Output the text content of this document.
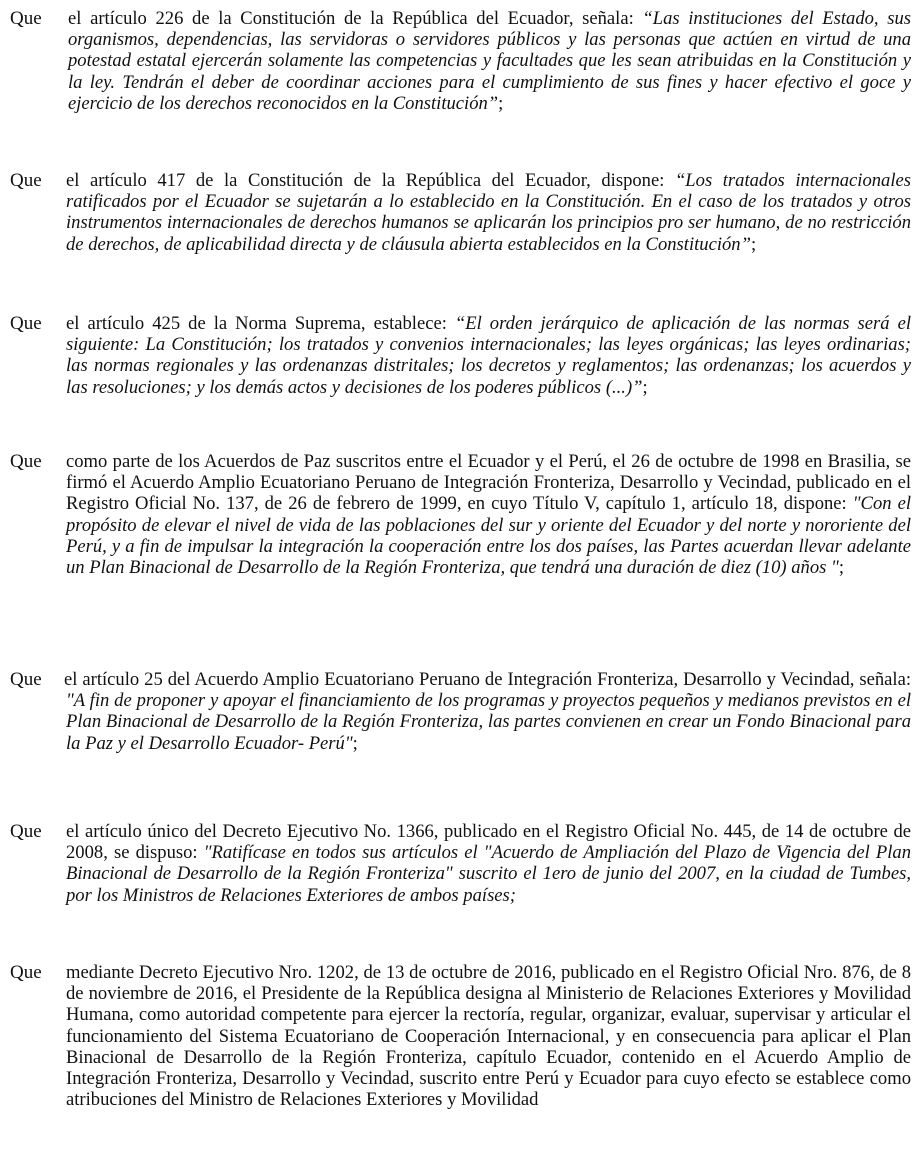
Que el artículo 226 de la Constitución de la República del Ecuador, señala: “Las instituciones del Estado, sus organismos, dependencias, las servidoras o servidores públicos y las personas que actúen en virtud de una potestad estatal ejercerán solamente las competencias y facultades que les sean atribuidas en la Constitución y la ley. Tendrán el deber de coordinar acciones para el cumplimiento de sus fines y hacer efectivo el goce y ejercicio de los derechos reconocidos en la Constitución”;
Que el artículo 417 de la Constitución de la República del Ecuador, dispone: “Los tratados internacionales ratificados por el Ecuador se sujetarán a lo establecido en la Constitución. En el caso de los tratados y otros instrumentos internacionales de derechos humanos se aplicarán los principios pro ser humano, de no restricción de derechos, de aplicabilidad directa y de cláusula abierta establecidos en la Constitución”;
Que el artículo 425 de la Norma Suprema, establece: “El orden jerárquico de aplicación de las normas será el siguiente: La Constitución; los tratados y convenios internacionales; las leyes orgánicas; las leyes ordinarias; las normas regionales y las ordenanzas distritales; los decretos y reglamentos; las ordenanzas; los acuerdos y las resoluciones; y los demás actos y decisiones de los poderes públicos (...)”;
Que como parte de los Acuerdos de Paz suscritos entre el Ecuador y el Perú, el 26 de octubre de 1998 en Brasilia, se firmó el Acuerdo Amplio Ecuatoriano Peruano de Integración Fronteriza, Desarrollo y Vecindad, publicado en el Registro Oficial No. 137, de 26 de febrero de 1999, en cuyo Título V, capítulo 1, artículo 18, dispone: "Con el propósito de elevar el nivel de vida de las poblaciones del sur y oriente del Ecuador y del norte y nororiente del Perú, y a fin de impulsar la integración la cooperación entre los dos países, las Partes acuerdan llevar adelante un Plan Binacional de Desarrollo de la Región Fronteriza, que tendrá una duración de diez (10) años ";
Que el artículo 25 del Acuerdo Amplio Ecuatoriano Peruano de Integración Fronteriza, Desarrollo y Vecindad, señala: "A fin de proponer y apoyar el financiamiento de los programas y proyectos pequeños y medianos previstos en el Plan Binacional de Desarrollo de la Región Fronteriza, las partes convienen en crear un Fondo Binacional para la Paz y el Desarrollo Ecuador- Perú";
Que el artículo único del Decreto Ejecutivo No. 1366, publicado en el Registro Oficial No. 445, de 14 de octubre de 2008, se dispuso: "Ratifícase en todos sus artículos el "Acuerdo de Ampliación del Plazo de Vigencia del Plan Binacional de Desarrollo de la Región Fronteriza" suscrito el 1ero de junio del 2007, en la ciudad de Tumbes, por los Ministros de Relaciones Exteriores de ambos países;
Que mediante Decreto Ejecutivo Nro. 1202, de 13 de octubre de 2016, publicado en el Registro Oficial Nro. 876, de 8 de noviembre de 2016, el Presidente de la República designa al Ministerio de Relaciones Exteriores y Movilidad Humana, como autoridad competente para ejercer la rectoría, regular, organizar, evaluar, supervisar y articular el funcionamiento del Sistema Ecuatoriano de Cooperación Internacional, y en consecuencia para aplicar el Plan Binacional de Desarrollo de la Región Fronteriza, capítulo Ecuador, contenido en el Acuerdo Amplio de Integración Fronteriza, Desarrollo y Vecindad, suscrito entre Perú y Ecuador para cuyo efecto se establece como atribuciones del Ministro de Relaciones Exteriores y Movilidad
